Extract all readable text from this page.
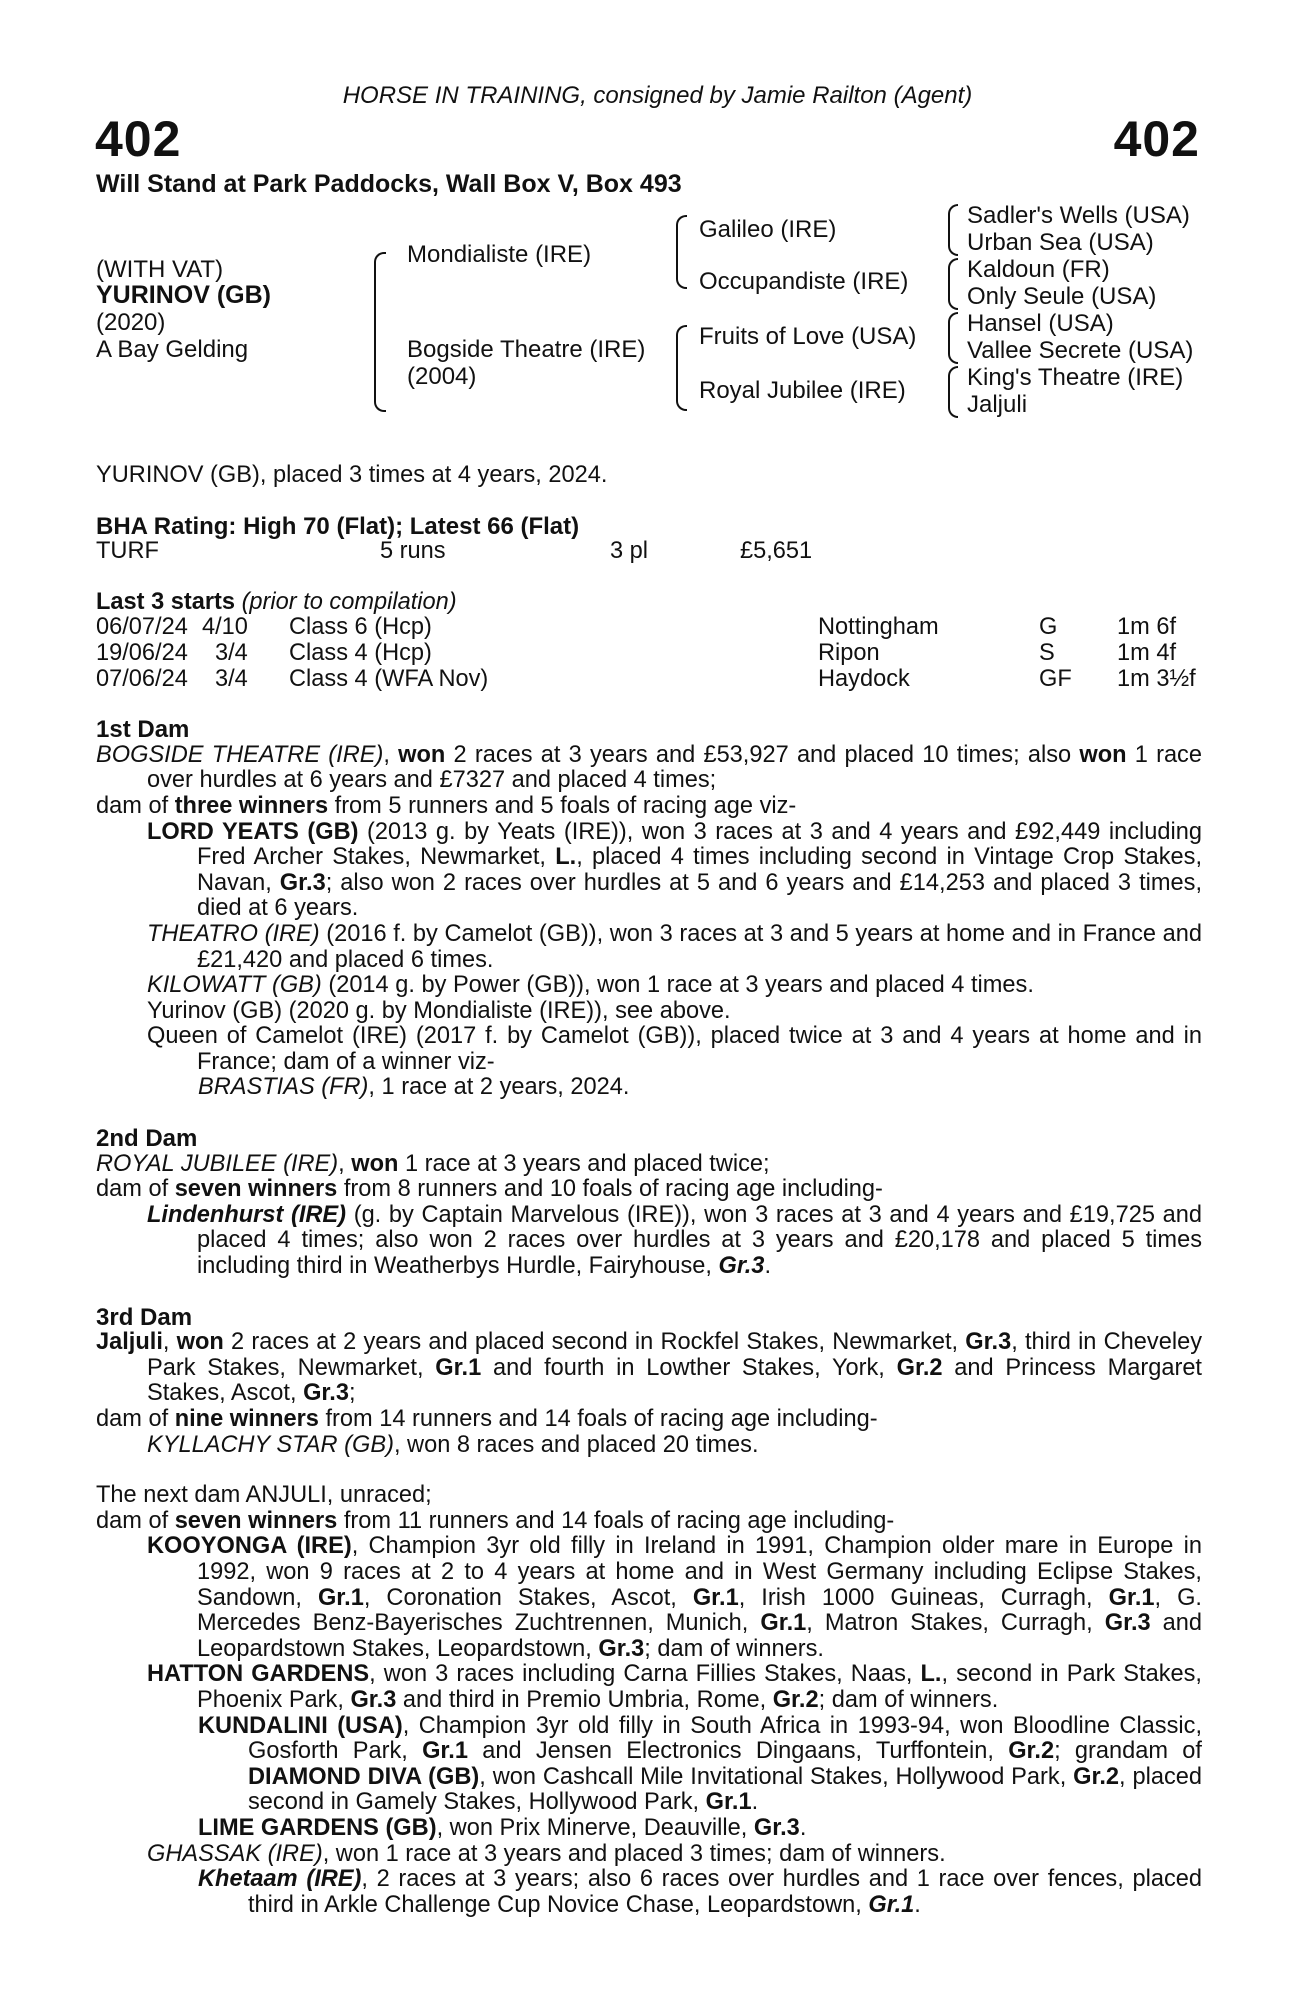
HORSE IN TRAINING, consigned by Jamie Railton (Agent)
402	402
Will Stand at Park Paddocks, Wall Box V, Box 493
(WITH VAT)
YURINOV (GB)
(2020)
A Bay Gelding
Mondialiste (IRE)
Bogside Theatre (IRE)
(2004)
Galileo (IRE)
Occupandiste (IRE)
Fruits of Love (USA)
Royal Jubilee (IRE)
Sadler's Wells (USA)
Urban Sea (USA)
Kaldoun (FR)
Only Seule (USA)
Hansel (USA)
Vallee Secrete (USA)
King's Theatre (IRE)
Jaljuli

YURINOV (GB), placed 3 times at 4 years, 2024.

BHA Rating: High 70 (Flat); Latest 66 (Flat)

TURF	5 runs	3 pl	£5,651

Last 3 starts (prior to compilation)

06/07/24 4/10 Class 6 (Hcp)	Nottingham	G	1m 6f
19/06/24 3/4 Class 4 (Hcp)	Ripon	S	1m 4f
07/06/24 3/4 Class 4 (WFA Nov)	Haydock	GF 1m 3½f

1st Dam

BOGSIDE THEATRE (IRE), won 2 races at 3 years and £53,927 and placed 10 times; also won 1 race over hurdles at 6 years and £7327 and placed 4 times;

dam of three winners from 5 runners and 5 foals of racing age viz-

LORD YEATS (GB) (2013 g. by Yeats (IRE)), won 3 races at 3 and 4 years and £92,449 including Fred Archer Stakes, Newmarket, L., placed 4 times including second in Vintage Crop Stakes, Navan, Gr.3; also won 2 races over hurdles at 5 and 6 years and £14,253 and placed 3 times, died at 6 years.

THEATRO (IRE) (2016 f. by Camelot (GB)), won 3 races at 3 and 5 years at home and in France and £21,420 and placed 6 times.

KILOWATT (GB) (2014 g. by Power (GB)), won 1 race at 3 years and placed 4 times.

Yurinov (GB) (2020 g. by Mondialiste (IRE)), see above.

Queen of Camelot (IRE) (2017 f. by Camelot (GB)), placed twice at 3 and 4 years at home and in France; dam of a winner viz-

BRASTIAS (FR), 1 race at 2 years, 2024.

2nd Dam

ROYAL JUBILEE (IRE), won 1 race at 3 years and placed twice;

dam of seven winners from 8 runners and 10 foals of racing age including-

Lindenhurst (IRE) (g. by Captain Marvelous (IRE)), won 3 races at 3 and 4 years and £19,725 and placed 4 times; also won 2 races over hurdles at 3 years and £20,178 and placed 5 times including third in Weatherbys Hurdle, Fairyhouse, Gr.3.

3rd Dam

Jaljuli, won 2 races at 2 years and placed second in Rockfel Stakes, Newmarket, Gr.3, third in Cheveley Park Stakes, Newmarket, Gr.1 and fourth in Lowther Stakes, York, Gr.2 and Princess Margaret Stakes, Ascot, Gr.3;

dam of nine winners from 14 runners and 14 foals of racing age including-

KYLLACHY STAR (GB), won 8 races and placed 20 times.

The next dam ANJULI, unraced;

dam of seven winners from 11 runners and 14 foals of racing age including-

KOOYONGA (IRE), Champion 3yr old filly in Ireland in 1991, Champion older mare in Europe in 1992, won 9 races at 2 to 4 years at home and in West Germany including Eclipse Stakes, Sandown, Gr.1, Coronation Stakes, Ascot, Gr.1, Irish 1000 Guineas, Curragh, Gr.1, G. Mercedes Benz-Bayerisches Zuchtrennen, Munich, Gr.1, Matron Stakes, Curragh, Gr.3 and Leopardstown Stakes, Leopardstown, Gr.3; dam of winners.

HATTON GARDENS, won 3 races including Carna Fillies Stakes, Naas, L., second in Park Stakes, Phoenix Park, Gr.3 and third in Premio Umbria, Rome, Gr.2; dam of winners.

KUNDALINI (USA), Champion 3yr old filly in South Africa in 1993-94, won Bloodline Classic, Gosforth Park, Gr.1 and Jensen Electronics Dingaans, Turffontein, Gr.2; grandam of DIAMOND DIVA (GB), won Cashcall Mile Invitational Stakes, Hollywood Park, Gr.2, placed second in Gamely Stakes, Hollywood Park, Gr.1.

LIME GARDENS (GB), won Prix Minerve, Deauville, Gr.3.

GHASSAK (IRE), won 1 race at 3 years and placed 3 times; dam of winners.

Khetaam (IRE), 2 races at 3 years; also 6 races over hurdles and 1 race over fences, placed third in Arkle Challenge Cup Novice Chase, Leopardstown, Gr.1.
